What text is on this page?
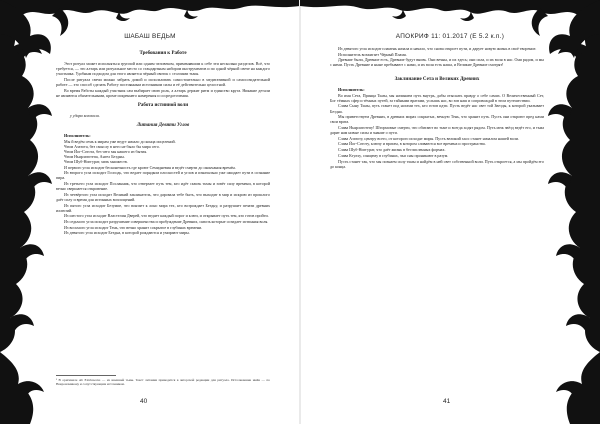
ШАБАШ ВЕДЬМ
Требования к Работе
Этот ритуал может исполняться группой или одним человеком, применявшим к себе эти несколько разделов. Всё, что требуется, — это алтарь или ритуальное место со стандартным набором инструментов и по одной чёрной свече на каждого участника. Удобным подходом для этого является чёрный свиток с столпами тьмы.
После ритуала свечи можно забрать домой и использовать самостоятельно в медитативной и самосозидательной работе — это способ сделать Работу постоянным источником силы и её действительно целостной.
Во время Работы каждый участник сам выбирает свою роль, а алтарь держит ритм и единство круга. Никакие детали не являются обязательными, кроме искреннего намерения и сосредоточения.
Работа истинной воли
у удара колокола.
Литания Девяти Углов
Исполнитель:
Мы й ведём семь к мирам уже ведут начало до конца исцелений.
Чтим Азатота, без смыслу в него не было бы мира сего.
Чтим Йог-Сотота, без чего мы нашего из бытия.
Чтим Ньярлатотепа, Ангел Бездны.
Чтим Шуб-Ниггурат, мать множеств.
И первого угла исходит бесконечность где кроют Семидневия и ведёт смерти до окончания времён.
Из второго угла исходит Господь, что ведает порядком плоскостей и углов и изначально уже ожидает пути в сознание пира.
Из третьего угла исходит Посланник, что отверзает путь тем, кто идёт сквозь тьмы и зовёт силу времени, в которой вечно свершается откровение.
Из четвёртого угла исходит Великий заклинатель, что даровала тебе быть, что выходит в мир и искрою из прошлого даёт силу и время для истинных воплощений.
Из пятого угла исходит Безумие, что вонзает к лоно мира тех, кто возрождает Бездну, и разрушает печати древних иллюзий.
Из шестого угла исходит Властелин Дверей, что ведает каждый порог и ключ, и открывает путь тем, кто готов пройти.
Из седьмого угла исходит разрушение совершенства и пробуждение Древних, сквозь которые созидает истинная воля.
Из восьмого угла исходит Тень, что вечно хранит сокрытое в глубинах времени.
Из девятого угла исходит Бездна, в которой рождаются и умирают миры.
¹ В оригинале Ab Extrinsecus — из внешней тьмы. Текст литании приводится в авторской редакции для ритуала. Истолкование имён — по Некрономикону и сопутствующим источникам.
40
АПОКРИФ 11: 01.2017 (E 5.2 к.п.)
Из девятого угла исходит пламень начала и начало, что снова откроет пути, и дарует новую жизнь в своё творение.
Исполнитель возжигает Чёрный Пламя.
Древние были, Древние есть, Древние будут вновь. Они вечны, и их здесь; они сила, и их воля в нас. Они рядом, и мы с ними. Пусть Древние и ныне пребывают с нами, и их воля есть наша, и Великие Древние смотрят!
Заклинание Сета и Великих Древних
Исполнитель:
Во имя Сета, Принца Тьмы, мы начинаем путь внутрь, дабы отыскать правду о себе самих. О Величественный Сет, Бог тёмных сфер и тёмных путей, за тайными вратами, услышь нас, во зов наш и сопровождай в этом путешествии.
Слава Сыну Тьмы, путь станет под ногами тех, кто готов идти. Пусть ведёт нас свет той Звезды, к которой указывает Бездна.
Мы приветствуем Древних, в древних мирах сокрытых, вечную Тень, что хранит путь. Пусть они откроют пред нами свои врата.
Слава Ньярлатотепу! Штормовые смерти, что обитают во тьме и всегда ходят рядом. Путь меж звёзд ведёт его, и тьма дарит нам новые силы и знание о пути.
Слава Азатоту, центру всего, от которого исходят миры. Пусть великий хаос станет началом нашей воли.
Слава Йог-Сототу, ключу и вратам, в котором сливаются все времена и пространства.
Слава Шуб-Ниггурат, что даёт жизнь в бесчисленных формах.
Слава Ктулху, спящему в глубинах, чьи сны проникают в разум.
Пусть станет так, что мы познаем силу тьмы и найдём в ней свет собственной воли. Путь откроется, а мы пройдём его до конца.
41
